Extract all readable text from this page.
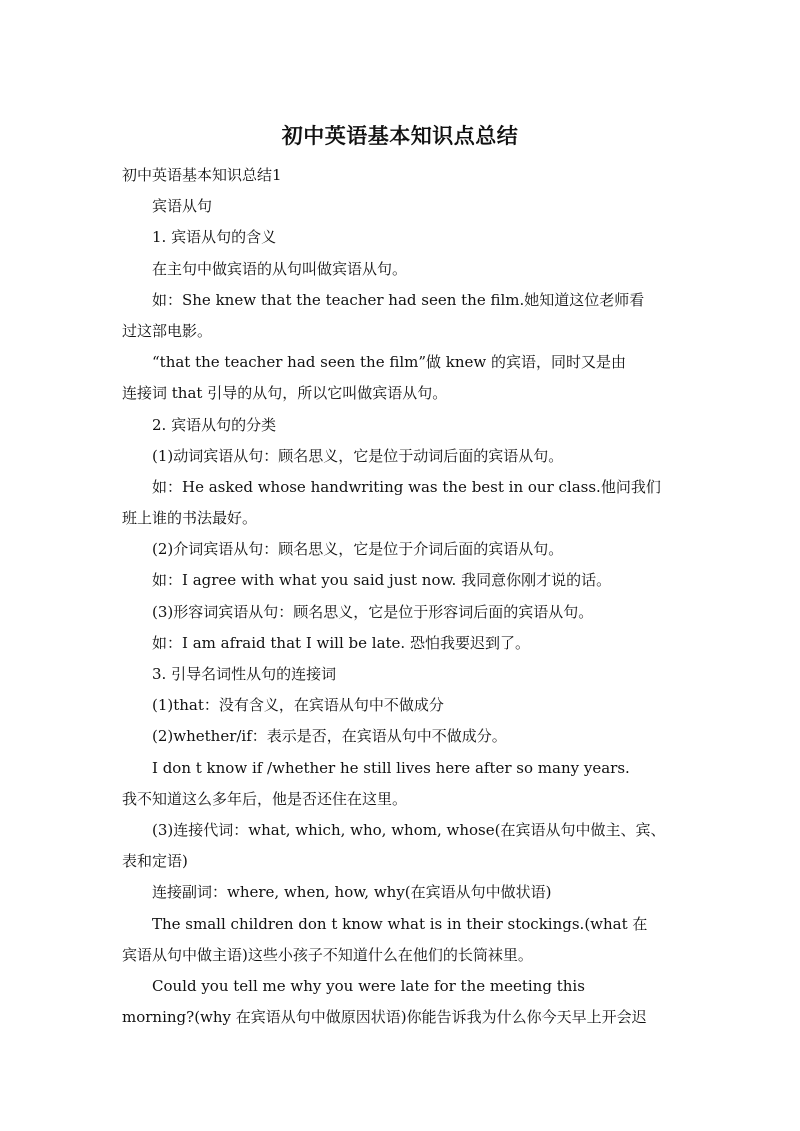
初中英语基本知识点总结

初中英语基本知识总结1

宾语从句

1. 宾语从句的含义

在主句中做宾语的从句叫做宾语从句。

如：She knew that the teacher had seen the film.她知道这位老师看

过这部电影。

“that the teacher had seen the film”做 knew 的宾语，同时又是由

连接词 that 引导的从句，所以它叫做宾语从句。

2. 宾语从句的分类

(1)动词宾语从句：顾名思义，它是位于动词后面的宾语从句。

如：He asked whose handwriting was the best in our class.他问我们

班上谁的书法最好。

(2)介词宾语从句：顾名思义，它是位于介词后面的宾语从句。

如：I agree with what you said just now. 我同意你刚才说的话。

(3)形容词宾语从句：顾名思义，它是位于形容词后面的宾语从句。

如：I am afraid that I will be late. 恐怕我要迟到了。

3. 引导名词性从句的连接词

(1)that：没有含义，在宾语从句中不做成分

(2)whether/if：表示是否，在宾语从句中不做成分。

I don t know if /whether he still lives here after so many years.

我不知道这么多年后，他是否还住在这里。

(3)连接代词：what, which, who, whom, whose(在宾语从句中做主、宾、

表和定语)

连接副词：where, when, how, why(在宾语从句中做状语)

The small children don t know what is in their stockings.(what 在

宾语从句中做主语)这些小孩子不知道什么在他们的长筒袜里。

Could you tell me why you were late for the meeting this

morning?(why 在宾语从句中做原因状语)你能告诉我为什么你今天早上开会迟
